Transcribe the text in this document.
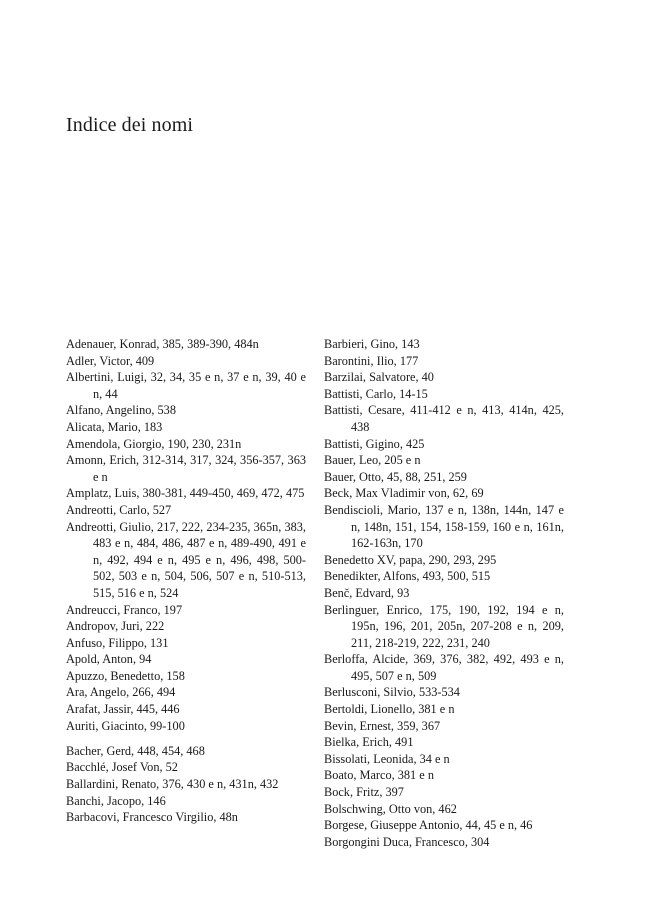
Indice dei nomi
Adenauer, Konrad, 385, 389-390, 484n
Adler, Victor, 409
Albertini, Luigi, 32, 34, 35 e n, 37 e n, 39, 40 e n, 44
Alfano, Angelino, 538
Alicata, Mario, 183
Amendola, Giorgio, 190, 230, 231n
Amonn, Erich, 312-314, 317, 324, 356-357, 363 e n
Amplatz, Luis, 380-381, 449-450, 469, 472, 475
Andreotti, Carlo, 527
Andreotti, Giulio, 217, 222, 234-235, 365n, 383, 483 e n, 484, 486, 487 e n, 489-490, 491 e n, 492, 494 e n, 495 e n, 496, 498, 500-502, 503 e n, 504, 506, 507 e n, 510-513, 515, 516 e n, 524
Andreucci, Franco, 197
Andropov, Juri, 222
Anfuso, Filippo, 131
Apold, Anton, 94
Apuzzo, Benedetto, 158
Ara, Angelo, 266, 494
Arafat, Jassir, 445, 446
Auriti, Giacinto, 99-100
Bacher, Gerd, 448, 454, 468
Bacchlé, Josef Von, 52
Ballardini, Renato, 376, 430 e n, 431n, 432
Banchi, Jacopo, 146
Barbacovi, Francesco Virgilio, 48n
Barbieri, Gino, 143
Barontini, Ilio, 177
Barzilai, Salvatore, 40
Battisti, Carlo, 14-15
Battisti, Cesare, 411-412 e n, 413, 414n, 425, 438
Battisti, Gigino, 425
Bauer, Leo, 205 e n
Bauer, Otto, 45, 88, 251, 259
Beck, Max Vladimir von, 62, 69
Bendiscioli, Mario, 137 e n, 138n, 144n, 147 e n, 148n, 151, 154, 158-159, 160 e n, 161n, 162-163n, 170
Benedetto XV, papa, 290, 293, 295
Benedikter, Alfons, 493, 500, 515
Benč, Edvard, 93
Berlinguer, Enrico, 175, 190, 192, 194 e n, 195n, 196, 201, 205n, 207-208 e n, 209, 211, 218-219, 222, 231, 240
Berloffa, Alcide, 369, 376, 382, 492, 493 e n, 495, 507 e n, 509
Berlusconi, Silvio, 533-534
Bertoldi, Lionello, 381 e n
Bevin, Ernest, 359, 367
Bielka, Erich, 491
Bissolati, Leonida, 34 e n
Boato, Marco, 381 e n
Bock, Fritz, 397
Bolschwing, Otto von, 462
Borgese, Giuseppe Antonio, 44, 45 e n, 46
Borgongini Duca, Francesco, 304
